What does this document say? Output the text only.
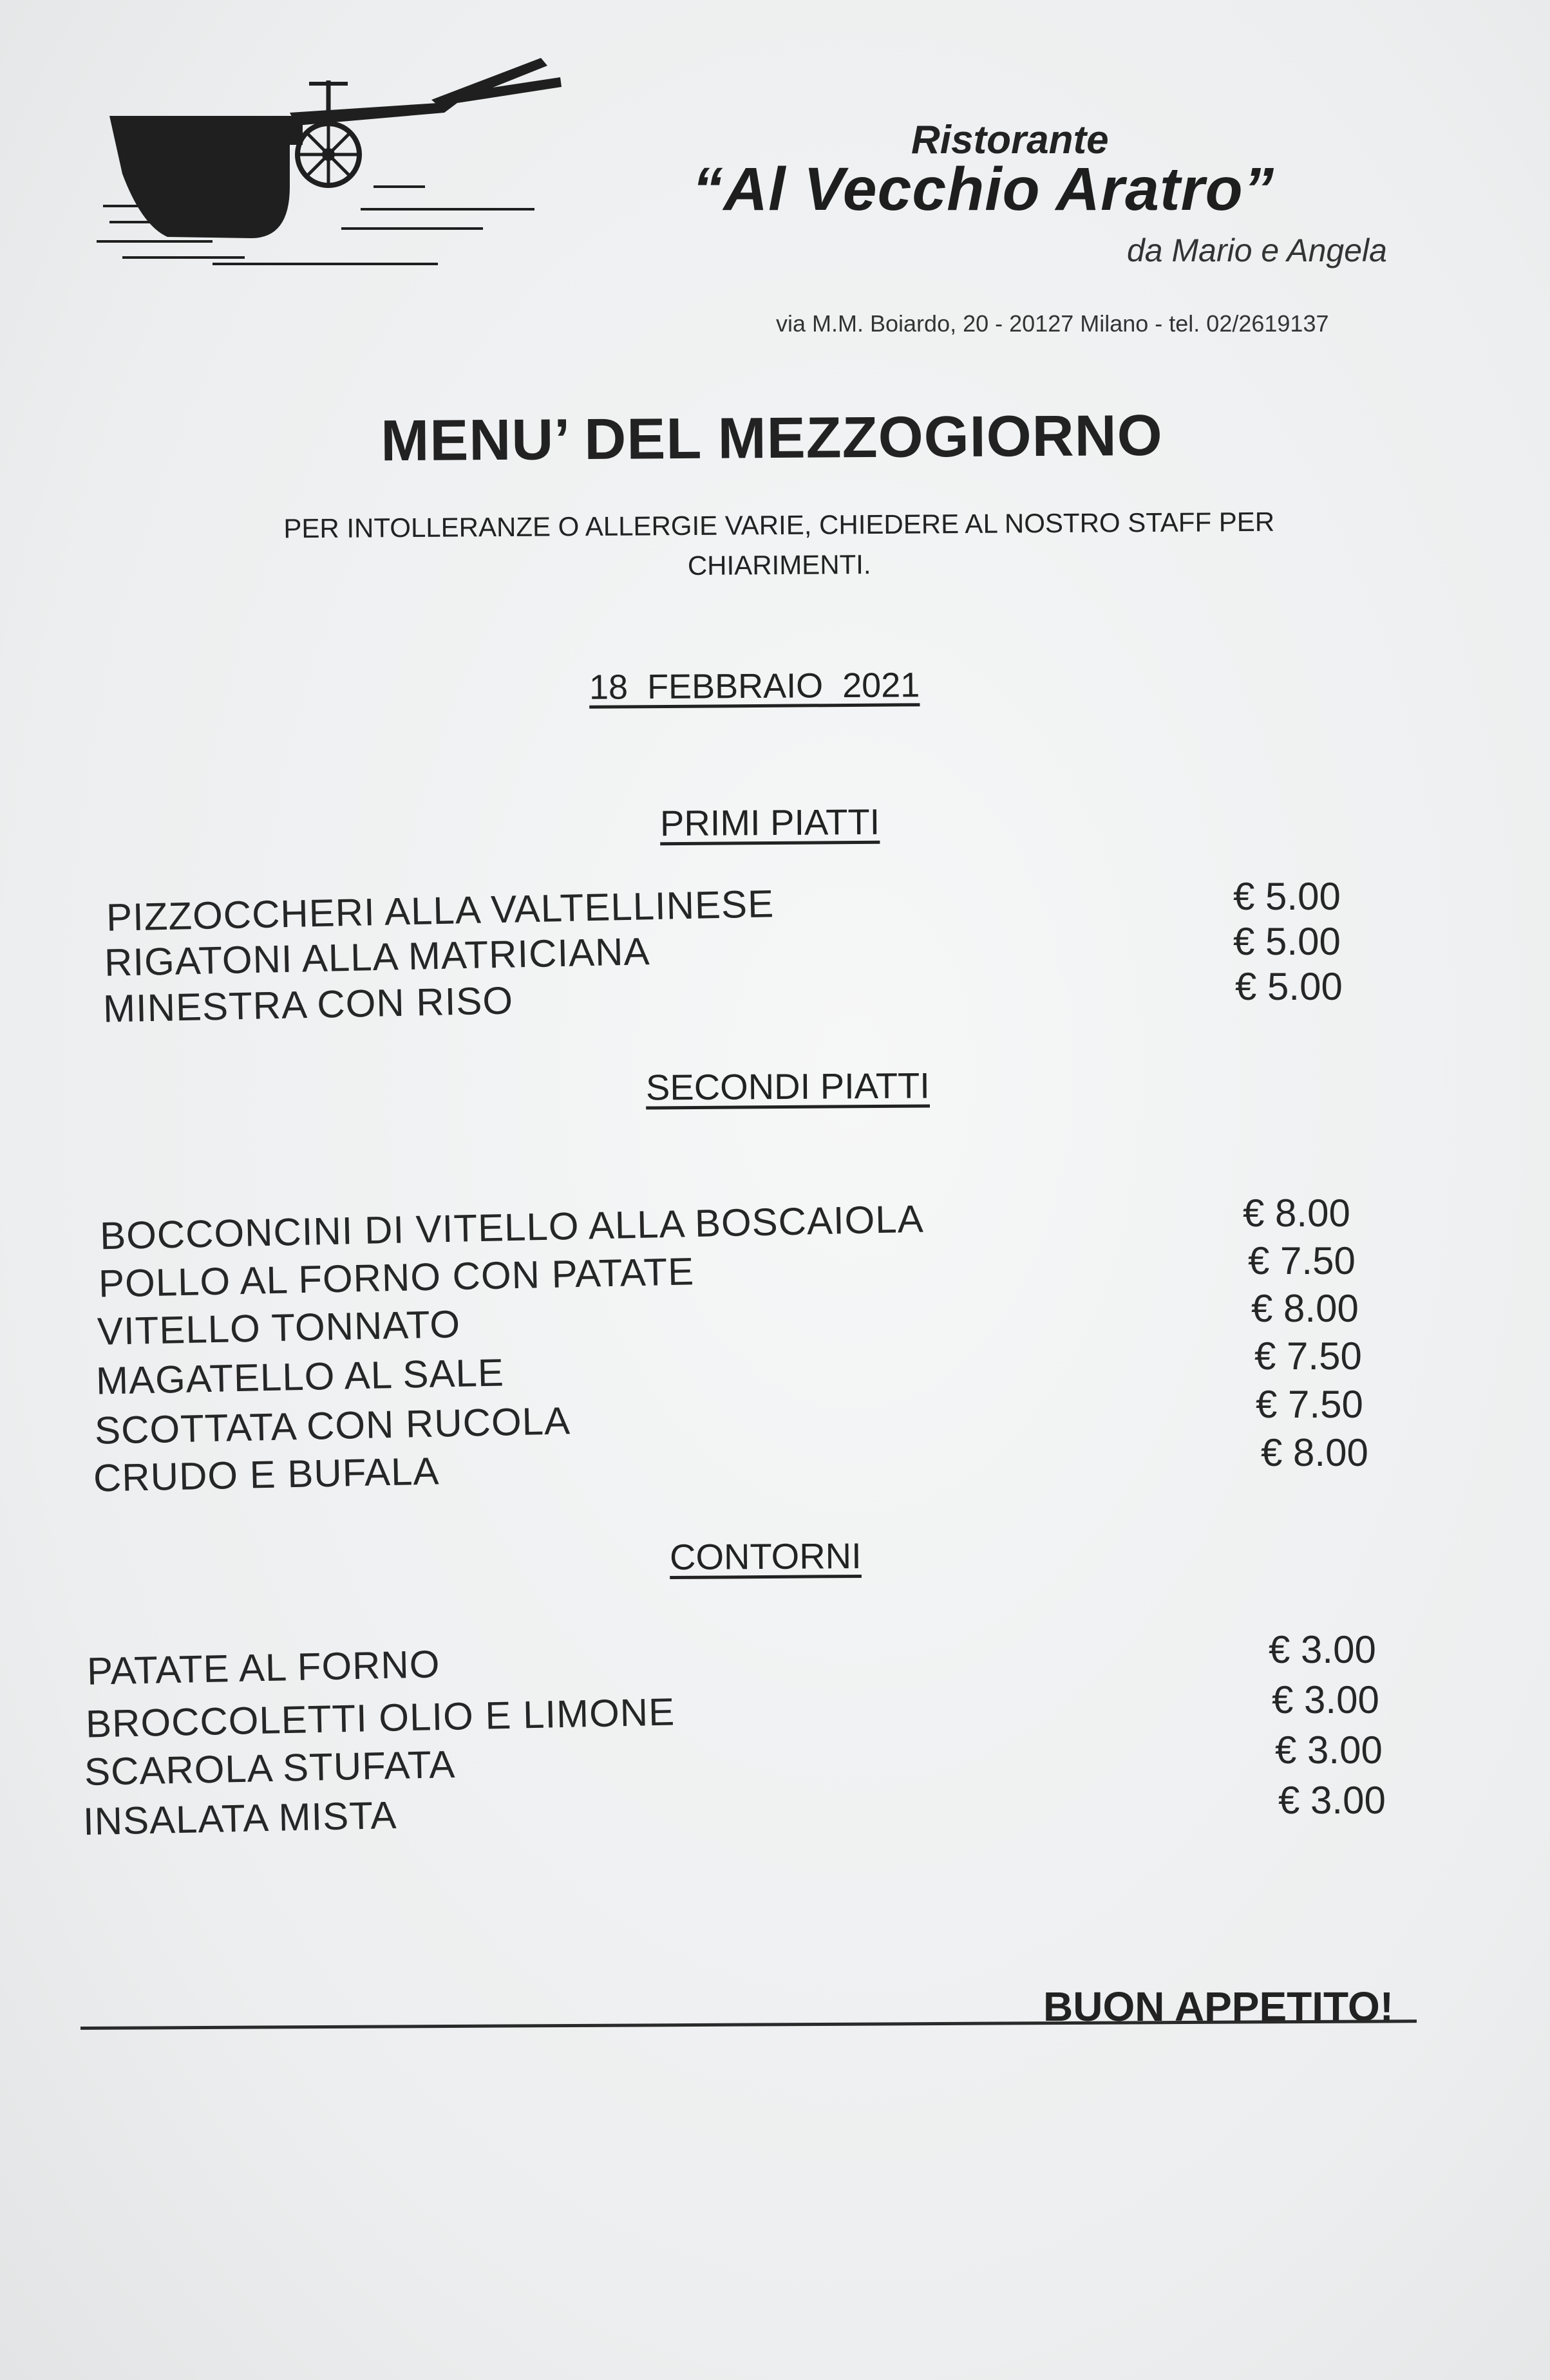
Ristorante
“Al Vecchio Aratro”
da Mario e Angela
via M.M. Boiardo, 20 - 20127 Milano - tel. 02/2619137
MENU’ DEL MEZZOGIORNO
PER INTOLLERANZE O ALLERGIE VARIE, CHIEDERE AL NOSTRO STAFF PER
CHIARIMENTI.
18  FEBBRAIO  2021
PRIMI PIATTI
PIZZOCCHERI ALLA VALTELLINESE	€ 5.00
RIGATONI ALLA MATRICIANA	€ 5.00
MINESTRA CON RISO	€ 5.00
SECONDI PIATTI
BOCCONCINI DI VITELLO ALLA BOSCAIOLA	€ 8.00
POLLO AL FORNO CON PATATE	€ 7.50
VITELLO TONNATO	€ 8.00
MAGATELLO AL SALE	€ 7.50
SCOTTATA CON RUCOLA	€ 7.50
CRUDO E BUFALA	€ 8.00
CONTORNI
PATATE AL FORNO	€ 3.00
BROCCOLETTI OLIO E LIMONE	€ 3.00
SCAROLA STUFATA	€ 3.00
INSALATA MISTA	€ 3.00
BUON APPETITO!
